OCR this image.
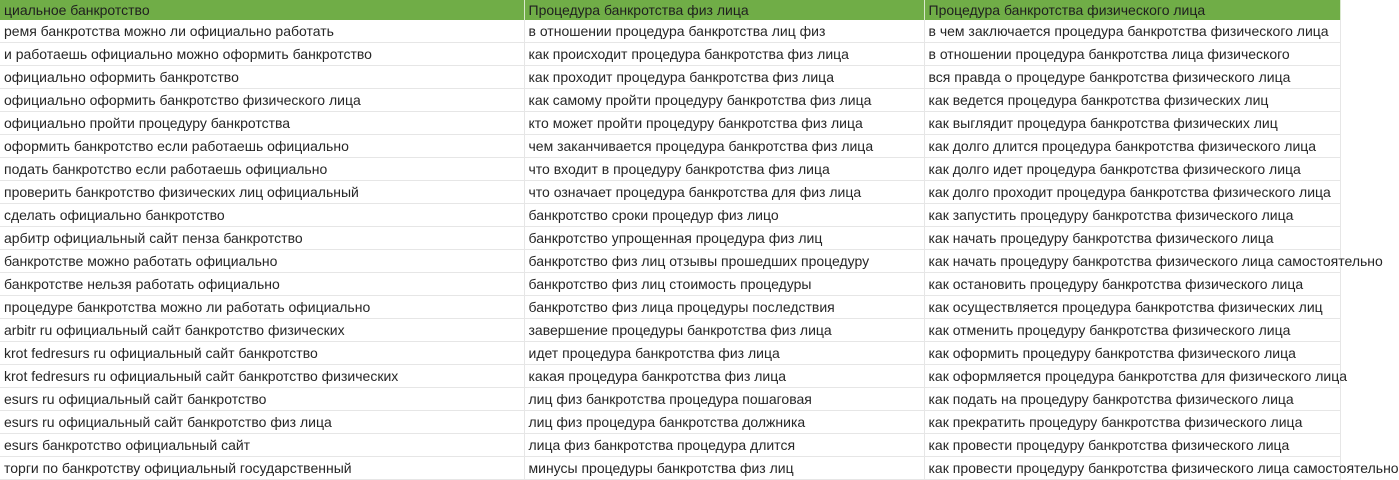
циальное банкротство	Процедура банкротства физ лица	Процедура банкротства физического лица
ремя банкротства можно ли официально работать	в отношении процедура банкротства лиц физ	в чем заключается процедура банкротства физического лица
и работаешь официально можно оформить банкротство	как происходит процедура банкротства физ лица	в отношении процедура банкротства лица физического
официально оформить банкротство	как проходит процедура банкротства физ лица	вся правда о процедуре банкротства физического лица
официально оформить банкротство физического лица	как самому пройти процедуру банкротства физ лица	как ведется процедура банкротства физических лиц
официально пройти процедуру банкротства	кто может пройти процедуру банкротства физ лица	как выглядит процедура банкротства физических лиц
оформить банкротство если работаешь официально	чем заканчивается процедура банкротства физ лица	как долго длится процедура банкротства физического лица
подать банкротство если работаешь официально	что входит в процедуру банкротства физ лица	как долго идет процедура банкротства физического лица
проверить банкротство физических лиц официальный	что означает процедура банкротства для физ лица	как долго проходит процедура банкротства физического лица
сделать официально банкротство	банкротство сроки процедур физ лицо	как запустить процедуру банкротства физического лица
арбитр официальный сайт пенза банкротство	банкротство упрощенная процедура физ лиц	как начать процедуру банкротства физического лица
банкротстве можно работать официально	банкротство физ лиц отзывы прошедших процедуру	как начать процедуру банкротства физического лица самостоятельно
банкротстве нельзя работать официально	банкротство физ лиц стоимость процедуры	как остановить процедуру банкротства физического лица
процедуре банкротства можно ли работать официально	банкротство физ лица процедуры последствия	как осуществляется процедура банкротства физических лиц
arbitr ru официальный сайт банкротство физических	завершение процедуры банкротства физ лица	как отменить процедуру банкротства физического лица
krot fedresurs ru официальный сайт банкротство	идет процедура банкротства физ лица	как оформить процедуру банкротства физического лица
krot fedresurs ru официальный сайт банкротство физических	какая процедура банкротства физ лица	как оформляется процедура банкротства для физического лица
esurs ru официальный сайт банкротство	лиц физ банкротства процедура пошаговая	как подать на процедуру банкротства физического лица
esurs ru официальный сайт банкротство физ лица	лиц физ процедура банкротства должника	как прекратить процедуру банкротства физического лица
esurs банкротство официальный сайт	лица физ банкротства процедура длится	как провести процедуру банкротства физического лица
торги по банкротству официальный государственный	минусы процедуры банкротства физ лиц	как провести процедуру банкротства физического лица самостоятельно
